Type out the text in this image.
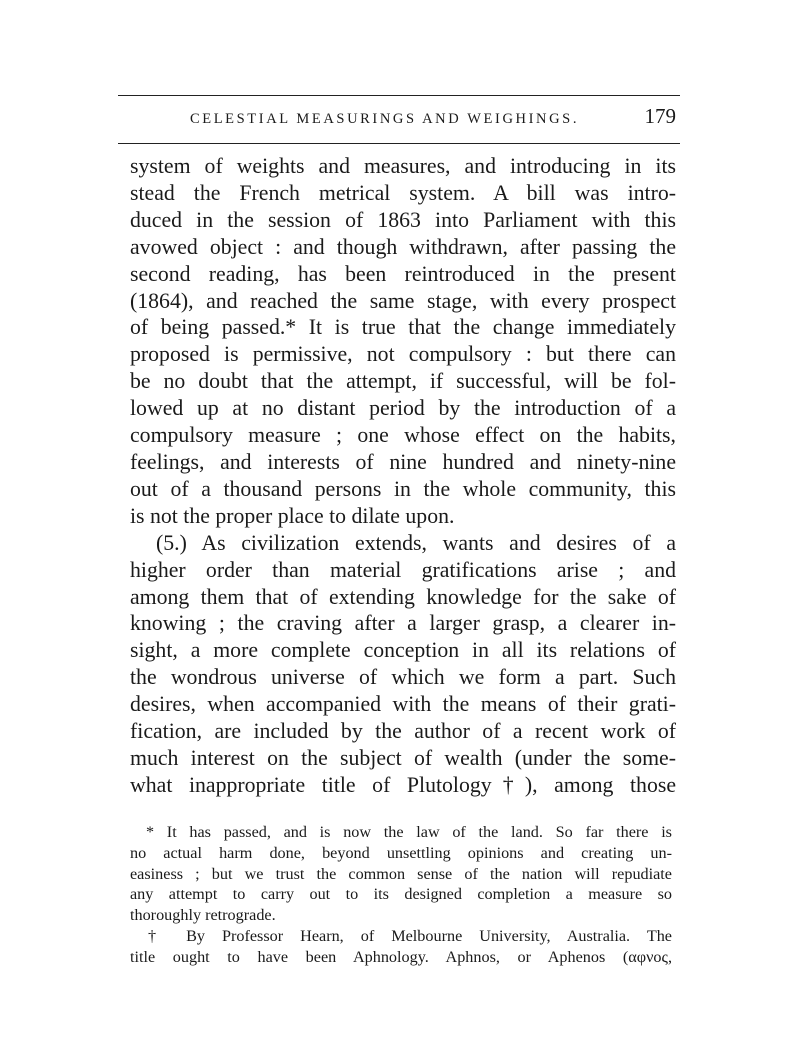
CELESTIAL MEASURINGS AND WEIGHINGS.	179
system of weights and measures, and introducing in its
stead the French metrical system. A bill was intro-
duced in the session of 1863 into Parliament with this
avowed object : and though withdrawn, after passing the
second reading, has been reintroduced in the present
(1864), and reached the same stage, with every prospect
of being passed.* It is true that the change immediately
proposed is permissive, not compulsory : but there can
be no doubt that the attempt, if successful, will be fol-
lowed up at no distant period by the introduction of a
compulsory measure ; one whose effect on the habits,
feelings, and interests of nine hundred and ninety-nine
out of a thousand persons in the whole community, this
is not the proper place to dilate upon.
(5.) As civilization extends, wants and desires of a
higher order than material gratifications arise ; and
among them that of extending knowledge for the sake of
knowing ; the craving after a larger grasp, a clearer in-
sight, a more complete conception in all its relations of
the wondrous universe of which we form a part. Such
desires, when accompanied with the means of their grati-
fication, are included by the author of a recent work of
much interest on the subject of wealth (under the some-
what inappropriate title of Plutology†), among those
* It has passed, and is now the law of the land. So far there is
no actual harm done, beyond unsettling opinions and creating un-
easiness ; but we trust the common sense of the nation will repudiate
any attempt to carry out to its designed completion a measure so
thoroughly retrograde.
† By Professor Hearn, of Melbourne University, Australia. The
title ought to have been Aphnology. Aphnos, or Aphenos (αφνος,
